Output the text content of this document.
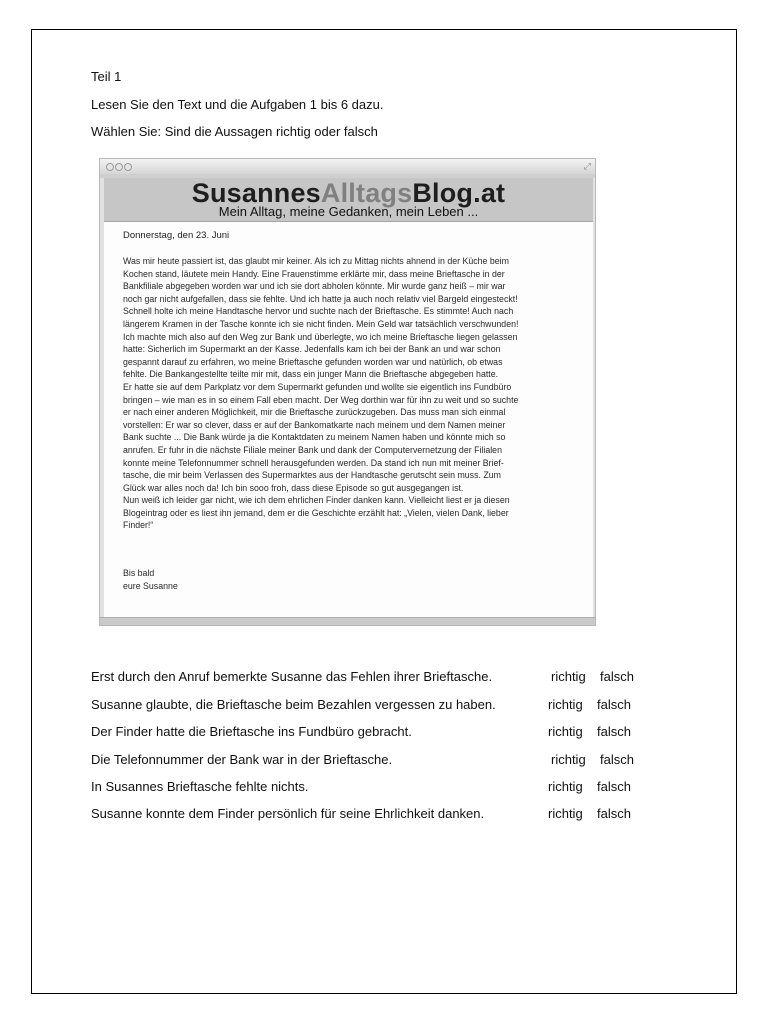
Teil 1
Lesen Sie den Text und die Aufgaben 1 bis 6 dazu.
Wählen Sie: Sind die Aussagen richtig oder falsch
⤢
SusannesAlltagsBlog.at
Mein Alltag, meine Gedanken, mein Leben ...
Donnerstag, den 23. Juni
Was mir heute passiert ist, das glaubt mir keiner. Als ich zu Mittag nichts ahnend in der Küche beim
Kochen stand, läutete mein Handy. Eine Frauenstimme erklärte mir, dass meine Brieftasche in der
Bankfiliale abgegeben worden war und ich sie dort abholen könnte. Mir wurde ganz heiß – mir war
noch gar nicht aufgefallen, dass sie fehlte. Und ich hatte ja auch noch relativ viel Bargeld eingesteckt!
Schnell holte ich meine Handtasche hervor und suchte nach der Brieftasche. Es stimmte! Auch nach
längerem Kramen in der Tasche konnte ich sie nicht finden. Mein Geld war tatsächlich verschwunden!
Ich machte mich also auf den Weg zur Bank und überlegte, wo ich meine Brieftasche liegen gelassen
hatte: Sicherlich im Supermarkt an der Kasse. Jedenfalls kam ich bei der Bank an und war schon
gespannt darauf zu erfahren, wo meine Brieftasche gefunden worden war und natürlich, ob etwas
fehlte. Die Bankangestellte teilte mir mit, dass ein junger Mann die Brieftasche abgegeben hatte.
Er hatte sie auf dem Parkplatz vor dem Supermarkt gefunden und wollte sie eigentlich ins Fundbüro
bringen – wie man es in so einem Fall eben macht. Der Weg dorthin war für ihn zu weit und so suchte
er nach einer anderen Möglichkeit, mir die Brieftasche zurückzugeben. Das muss man sich einmal
vorstellen: Er war so clever, dass er auf der Bankomatkarte nach meinem und dem Namen meiner
Bank suchte ... Die Bank würde ja die Kontaktdaten zu meinem Namen haben und könnte mich so
anrufen. Er fuhr in die nächste Filiale meiner Bank und dank der Computervernetzung der Filialen
konnte meine Telefonnummer schnell herausgefunden werden. Da stand ich nun mit meiner Brief-
tasche, die mir beim Verlassen des Supermarktes aus der Handtasche gerutscht sein muss. Zum
Glück war alles noch da! Ich bin sooo froh, dass diese Episode so gut ausgegangen ist.
Nun weiß ich leider gar nicht, wie ich dem ehrlichen Finder danken kann. Vielleicht liest er ja diesen
Blogeintrag oder es liest ihn jemand, dem er die Geschichte erzählt hat: „Vielen, vielen Dank, lieber
Finder!“
Bis bald
eure Susanne
Erst durch den Anruf bemerkte Susanne das Fehlen ihrer Brieftasche.	richtig falsch
Susanne glaubte, die Brieftasche beim Bezahlen vergessen zu haben.	richtig falsch
Der Finder hatte die Brieftasche ins Fundbüro gebracht.	richtig falsch
Die Telefonnummer der Bank war in der Brieftasche.	richtig falsch
In Susannes Brieftasche fehlte nichts.	richtig falsch
Susanne konnte dem Finder persönlich für seine Ehrlichkeit danken.	richtig falsch
